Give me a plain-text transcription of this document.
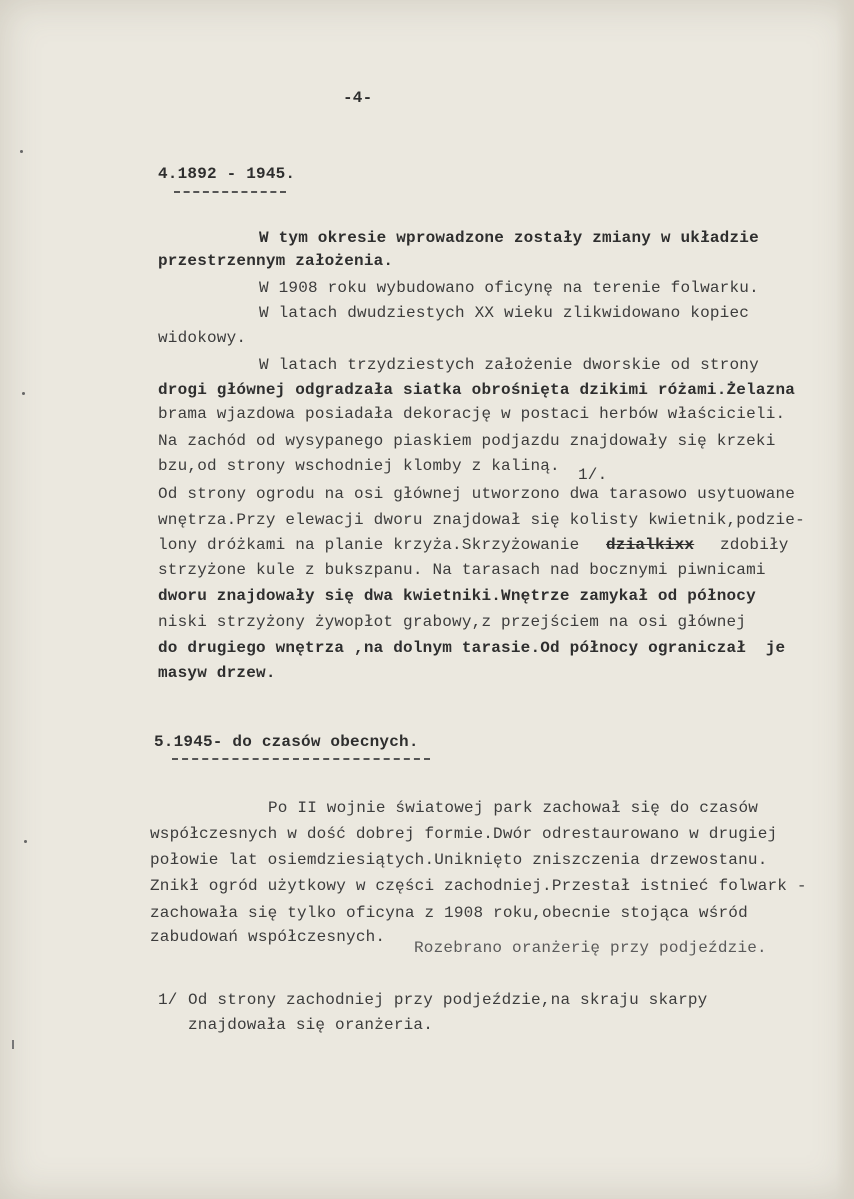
-4-
4.1892 - 1945.
W tym okresie wprowadzone zostały zmiany w układzie
przestrzennym założenia.
W 1908 roku wybudowano oficynę na terenie folwarku.
W latach dwudziestych XX wieku zlikwidowano kopiec
widokowy.
W latach trzydziestych założenie dworskie od strony
drogi głównej odgradzała siatka obrośnięta dzikimi różami.Żelazna
brama wjazdowa posiadała dekorację w postaci herbów właścicieli.
Na zachód od wysypanego piaskiem podjazdu znajdowały się krzeki
bzu,od strony wschodniej klomby z kaliną. 1/.
Od strony ogrodu na osi głównej utworzono dwa tarasowo usytuowane
wnętrza.Przy elewacji dworu znajdował się kolisty kwietnik,podzie-
lony dróżkami na planie krzyża.Skrzyżowanie dzialkixx zdobiły
strzyżone kule z bukszpanu. Na tarasach nad bocznymi piwnicami
dworu znajdowały się dwa kwietniki.Wnętrze zamykał od północy
niski strzyżony żywopłot grabowy,z przejściem na osi głównej
do drugiego wnętrza ,na dolnym tarasie.Od północy ograniczał  je
masyw drzew.
5.1945- do czasów obecnych.
Po II wojnie światowej park zachował się do czasów
współczesnych w dość dobrej formie.Dwór odrestaurowano w drugiej
połowie lat osiemdziesiątych.Uniknięto zniszczenia drzewostanu.
Znikł ogród użytkowy w części zachodniej.Przestał istnieć folwark -
zachowała się tylko oficyna z 1908 roku,obecnie stojąca wśród
zabudowań współczesnych.
Rozebrano oranżerię przy podjeździe.
1/ Od strony zachodniej przy podjeździe,na skraju skarpy
znajdowała się oranżeria.
